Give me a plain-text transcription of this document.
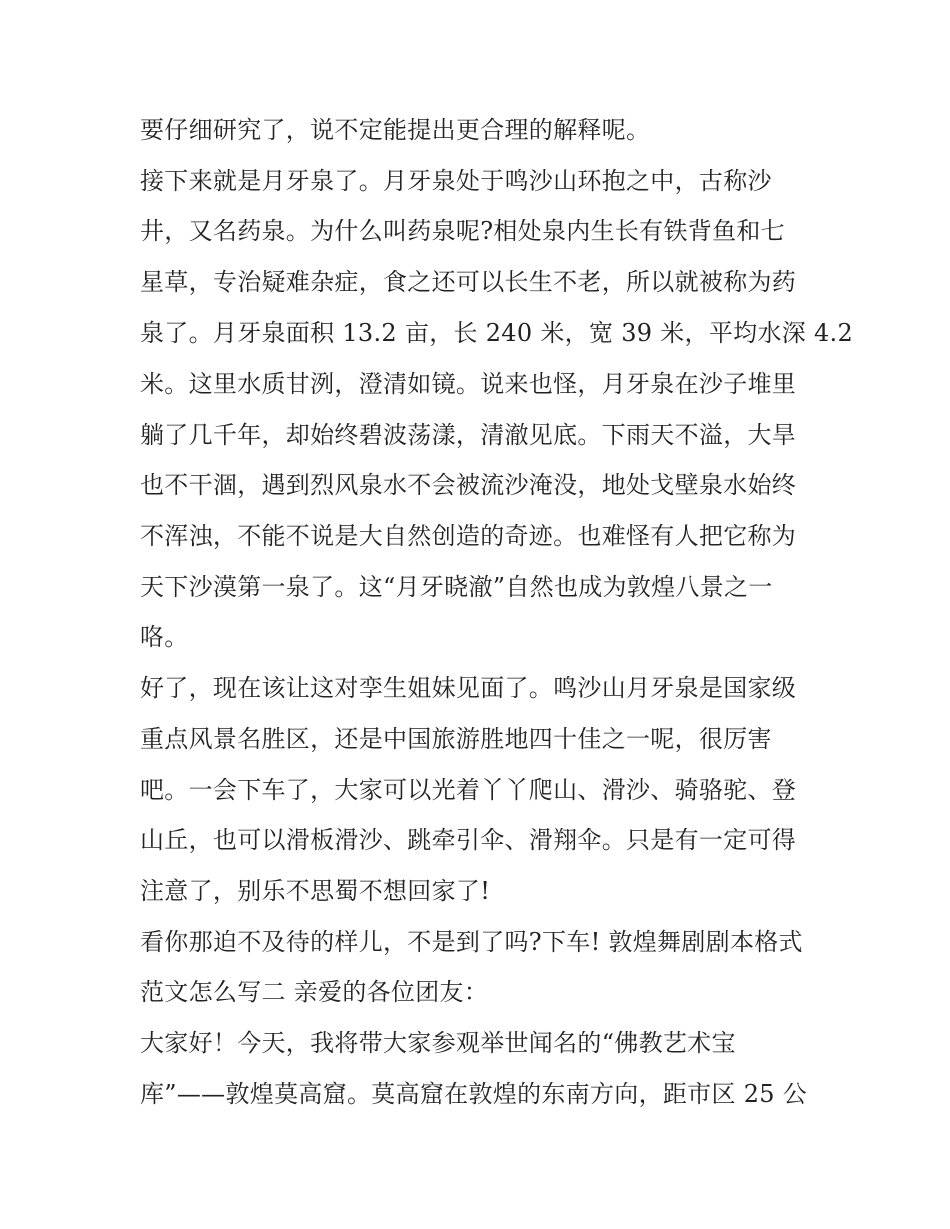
要仔细研究了，说不定能提出更合理的解释呢。
接下来就是月牙泉了。月牙泉处于鸣沙山环抱之中，古称沙
井，又名药泉。为什么叫药泉呢?相处泉内生长有铁背鱼和七
星草，专治疑难杂症，食之还可以长生不老，所以就被称为药
泉了。月牙泉面积 13.2 亩，长 240 米，宽 39 米，平均水深 4.2
米。这里水质甘洌，澄清如镜。说来也怪，月牙泉在沙子堆里
躺了几千年，却始终碧波荡漾，清澈见底。下雨天不溢，大旱
也不干涸，遇到烈风泉水不会被流沙淹没，地处戈壁泉水始终
不浑浊，不能不说是大自然创造的奇迹。也难怪有人把它称为
天下沙漠第一泉了。这“月牙晓澈”自然也成为敦煌八景之一
咯。
好了，现在该让这对孪生姐妹见面了。鸣沙山月牙泉是国家级
重点风景名胜区，还是中国旅游胜地四十佳之一呢，很厉害
吧。一会下车了，大家可以光着丫丫爬山、滑沙、骑骆驼、登
山丘，也可以滑板滑沙、跳牵引伞、滑翔伞。只是有一定可得
注意了，别乐不思蜀不想回家了!
看你那迫不及待的样儿，不是到了吗?下车! 敦煌舞剧剧本格式
范文怎么写二 亲爱的各位团友：
大家好！今天，我将带大家参观举世闻名的“佛教艺术宝
库”——敦煌莫高窟。莫高窟在敦煌的东南方向，距市区 25 公
